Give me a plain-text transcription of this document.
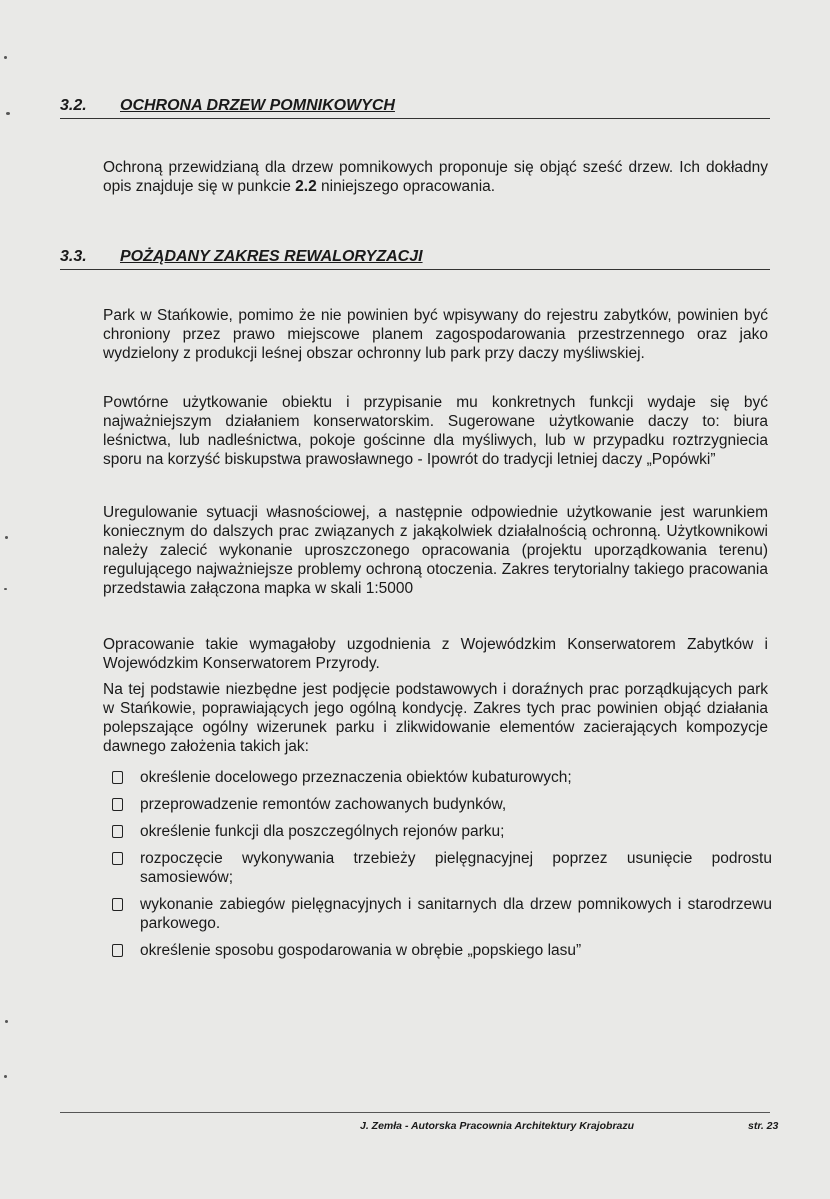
3.2. OCHRONA DRZEW POMNIKOWYCH
Ochroną przewidzianą dla drzew pomnikowych proponuje się objąć sześć drzew. Ich dokładny opis znajduje się w punkcie 2.2 niniejszego opracowania.
3.3. POŻĄDANY ZAKRES REWALORYZACJI
Park w Stańkowie, pomimo że nie powinien być wpisywany do rejestru zabytków, powinien być chroniony przez prawo miejscowe planem zagospodarowania przestrzennego oraz jako wydzielony z produkcji leśnej obszar ochronny lub park przy daczy myśliwskiej.
Powtórne użytkowanie obiektu i przypisanie mu konkretnych funkcji wydaje się być najważniejszym działaniem konserwatorskim. Sugerowane użytkowanie daczy to: biura leśnictwa, lub nadleśnictwa, pokoje gościnne dla myśliwych, lub w przypadku roztrzygniecia sporu na korzyść biskupstwa prawosławnego - Ipowrót do tradycji letniej daczy „Popówki”
Uregulowanie sytuacji własnościowej, a następnie odpowiednie użytkowanie jest warunkiem koniecznym do dalszych prac związanych z jakąkolwiek działalnością ochronną. Użytkownikowi należy zalecić wykonanie uproszczonego opracowania (projektu uporządkowania terenu) regulującego najważniejsze problemy ochroną otoczenia. Zakres terytorialny takiego pracowania przedstawia załączona mapka w skali 1:5000
Opracowanie takie wymagałoby uzgodnienia z Wojewódzkim Konserwatorem Zabytków i Wojewódzkim Konserwatorem Przyrody.
Na tej podstawie niezbędne jest podjęcie podstawowych i doraźnych prac porządkujących park w Stańkowie, poprawiających jego ogólną kondycję. Zakres tych prac powinien objąć działania polepszające ogólny wizerunek parku i zlikwidowanie elementów zacierających kompozycje dawnego założenia takich jak:
określenie docelowego przeznaczenia obiektów kubaturowych;
przeprowadzenie remontów zachowanych budynków,
określenie funkcji dla poszczególnych rejonów parku;
rozpoczęcie wykonywania trzebieży pielęgnacyjnej poprzez usunięcie podrostu samosiewów;
wykonanie zabiegów pielęgnacyjnych i sanitarnych dla drzew pomnikowych i starodrzewu parkowego.
określenie sposobu gospodarowania w obrębie „popskiego lasu”
J. Zemła - Autorska Pracownia Architektury Krajobrazu	str. 23
